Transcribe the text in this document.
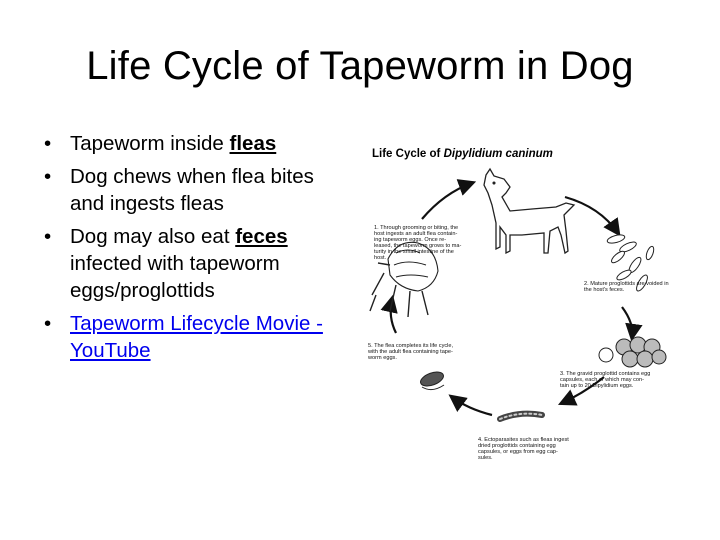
Life Cycle of Tapeworm in Dog
• Tapeworm inside fleas
• Dog chews when flea bites and ingests fleas
• Dog may also eat feces infected with tapeworm eggs/proglottids
• Tapeworm Lifecycle Movie - YouTube
Life Cycle of Dipylidium caninum
1. Through grooming or biting, the host ingests an adult flea contain- ing tapeworm eggs. Once re- leased, the tapeworm grows to ma- turity in the small intestine of the host.
2. Mature proglottids are voided in the host's feces.
3. The gravid proglottid contains egg capsules, each of which may con- tain up to 20 Dipylidium eggs.
4. Ectoparasites such as fleas ingest dried proglottids containing egg capsules, or eggs from egg cap- sules.
5. The flea completes its life cycle, with the adult flea containing tape- worm eggs.
